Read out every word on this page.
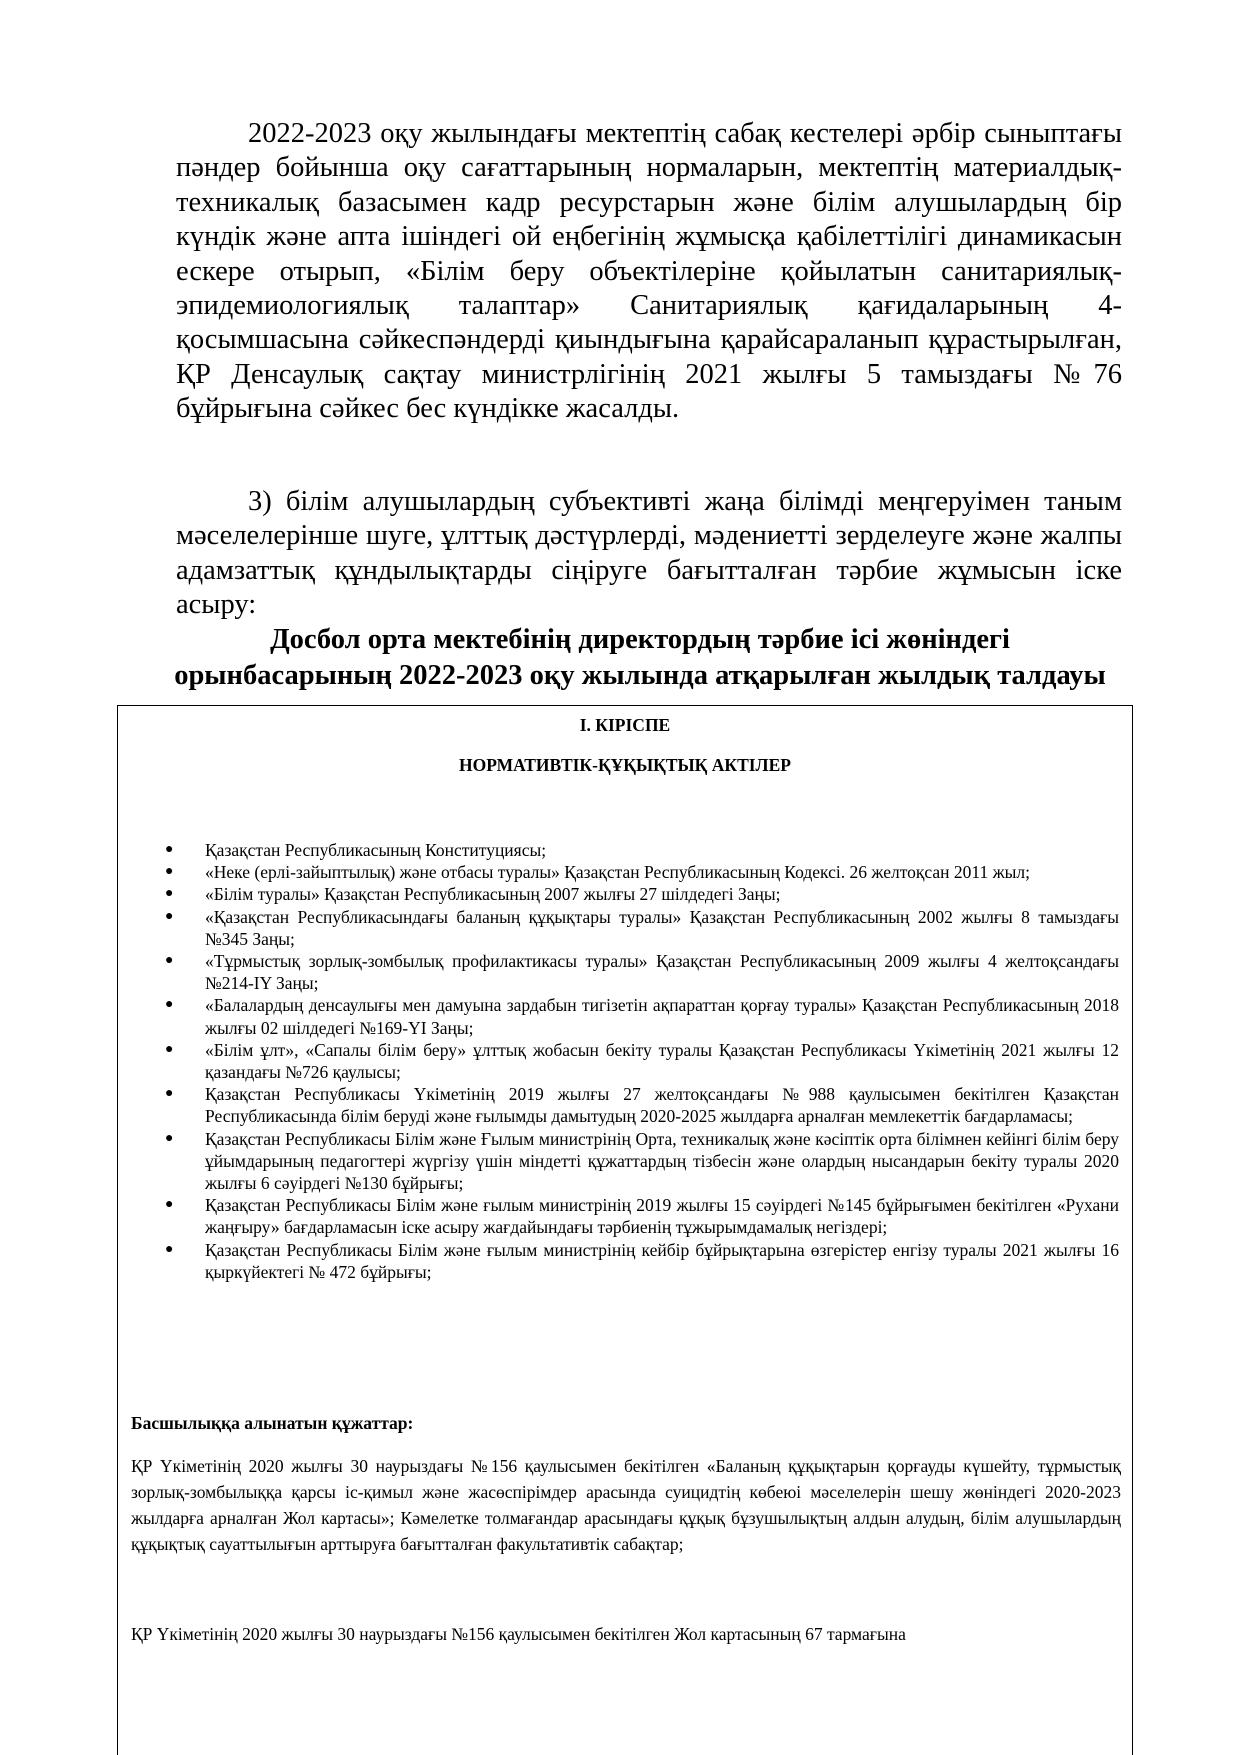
2022-2023 оқу жылындағы мектептің сабақ кестелері әрбір сыныптағы пәндер бойынша оқу сағаттарының нормаларын, мектептің материалдық-техникалық базасымен кадр ресурстарын және білім алушылардың бір күндік және апта ішіндегі ой еңбегінің жұмысқа қабілеттілігі динамикасын ескере отырып, «Білім беру объектілеріне қойылатын санитариялық-эпидемиологиялық талаптар» Санитариялық қағидаларының 4-қосымшасына сәйкеспәндерді қиындығына қарайсараланып құрастырылған, ҚР Денсаулық сақтау министрлігінің 2021 жылғы 5 тамыздағы №76 бұйрығына сәйкес бес күндікке жасалды.

3) білім алушылардың субъективті жаңа білімді меңгеруімен таным мәселелерінше шуге, ұлттық дәстүрлерді, мәдениетті зерделеуге және жалпы адамзаттық құндылықтарды сіңіруге бағытталған тәрбие жұмысын іске асыру:

Досбол орта мектебінің директордың тәрбие ісі жөніндегі
орынбасарының 2022-2023 оқу жылында атқарылған жылдық талдауы

I. КІРІСПЕ

НОРМАТИВТІК-ҚҰҚЫҚТЫҚ АКТІЛЕР

● Қазақстан Республикасының Конституциясы;
● «Неке (ерлі-зайыптылық) және отбасы туралы» Қазақстан Республикасының Кодексі. 26 желтоқсан 2011 жыл;
● «Білім туралы» Қазақстан Республикасының 2007 жылғы 27 шілдедегі Заңы;
● «Қазақстан Республикасындағы баланың құқықтары туралы» Қазақстан Республикасының 2002 жылғы 8 тамыздағы №345 Заңы;
● «Тұрмыстық зорлық-зомбылық профилактикасы туралы» Қазақстан Республикасының 2009 жылғы 4 желтоқсандағы №214-IY Заңы;
● «Балалардың денсаулығы мен дамуына зардабын тигізетін ақпараттан қорғау туралы» Қазақстан Республикасының 2018 жылғы 02 шілдедегі №169-YI Заңы;
● «Білім ұлт», «Сапалы білім беру» ұлттық жобасын бекіту туралы Қазақстан Республикасы Үкіметінің 2021 жылғы 12 қазандағы №726 қаулысы;
● Қазақстан Республикасы Үкіметінің 2019 жылғы 27 желтоқсандағы №988 қаулысымен бекітілген Қазақстан Республикасында білім беруді және ғылымды дамытудың 2020-2025 жылдарға арналған мемлекеттік бағдарламасы;
● Қазақстан Республикасы Білім және Ғылым министрінің Орта, техникалық және кәсіптік орта білімнен кейінгі білім беру ұйымдарының педагогтері жүргізу үшін міндетті құжаттардың тізбесін және олардың нысандарын бекіту туралы 2020 жылғы 6 сәуірдегі №130 бұйрығы;
● Қазақстан Республикасы Білім және ғылым министрінің 2019 жылғы 15 сәуірдегі №145 бұйрығымен бекітілген «Рухани жаңғыру» бағдарламасын іске асыру жағдайындағы тәрбиенің тұжырымдамалық негіздері;
● Қазақстан Республикасы Білім және ғылым министрінің кейбір бұйрықтарына өзгерістер енгізу туралы 2021 жылғы 16 қыркүйектегі № 472 бұйрығы;

Басшылыққа алынатын құжаттар:

ҚР Үкіметінің 2020 жылғы 30 наурыздағы №156 қаулысымен бекітілген «Баланың құқықтарын қорғауды күшейту, тұрмыстық зорлық-зомбылыққа қарсы іс-қимыл және жасөспірімдер арасында суицидтің көбеюі мәселелерін шешу жөніндегі 2020-2023 жылдарға арналған Жол картасы»; Кәмелетке толмағандар арасындағы құқық бұзушылықтың алдын алудың, білім алушылардың құқықтық сауаттылығын арттыруға бағытталған факультативтік сабақтар;

ҚР Үкіметінің 2020 жылғы 30 наурыздағы №156 қаулысымен бекітілген Жол картасының 67 тармағына
